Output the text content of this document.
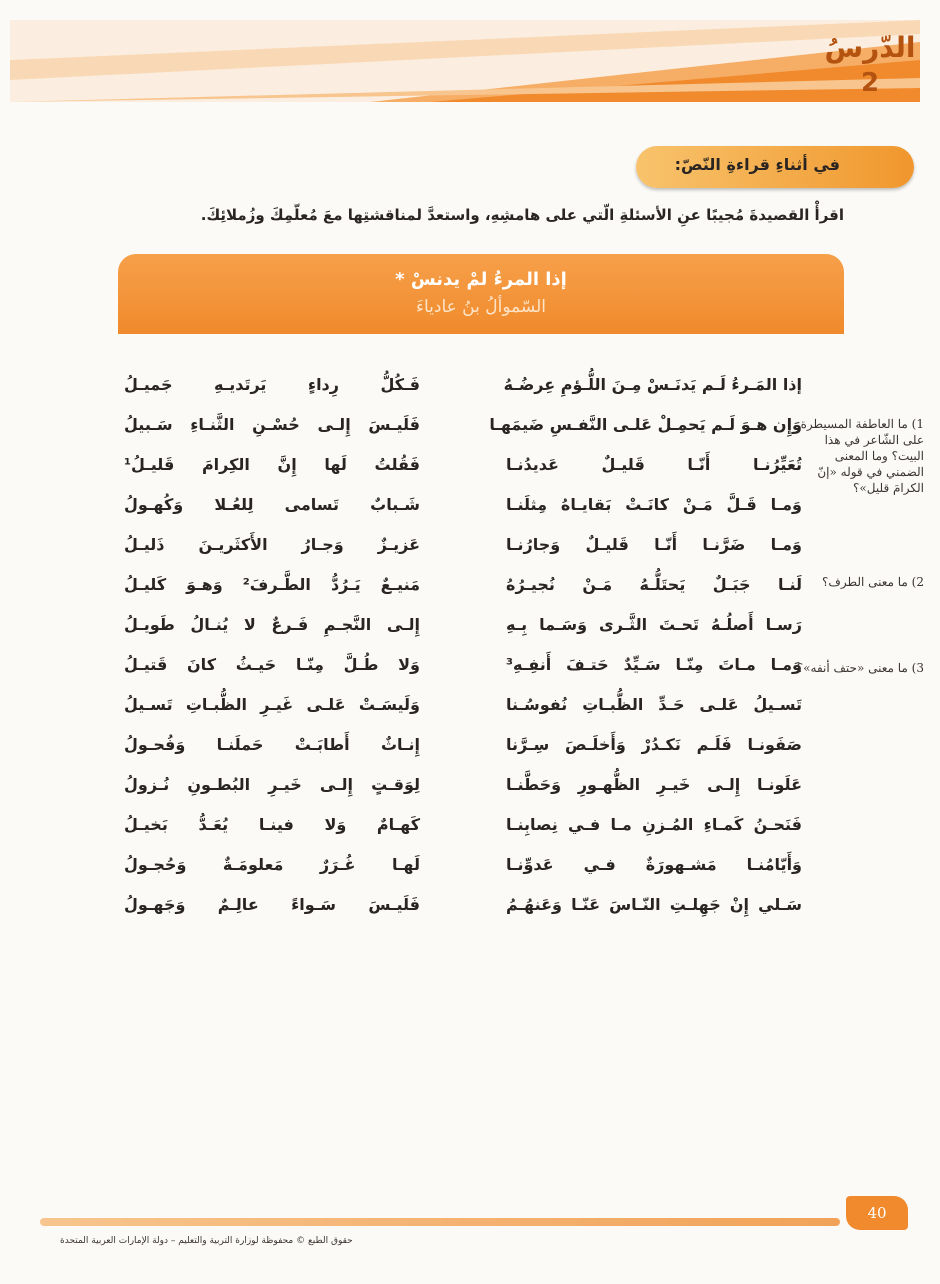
الدّرسُ
2
في أثناءِ قراءةِ النّصّ:
اقرأْ القصيدةَ مُجيبًا عنِ الأسئلةِ الّتي على هامشِهِ، واستعدَّ لمناقشتِها معَ مُعلّمِكَ وزُملائِكَ.
إذا المرءُ لمْ يدنسْ *
السّموألُ بنُ عادياءَ
إذا المَـرءُ لَـم يَدنَـسْ مِـنَ اللُّـؤمِ عِرضُـهُ
فَـكُلُّ رِداءٍ يَرتَديـهِ جَميـلُ
وَإِن هـوَ لَـم يَحمِـلْ عَلـى النَّفـسِ ضَيمَهـا
فَلَيـسَ إِلـى حُسْـنِ الثَّنـاءِ سَـبيلُ
تُعَيِّرُنـا أَنّـا قَليـلٌ عَديدُنـا
فَقُلتُ لَها إِنَّ الكِرامَ قَليـلُ¹
وَمـا قَـلَّ مَـنْ كانَـتْ بَقايـاهُ مِثلَنـا
شَـبابٌ تَسامى لِلعُـلا وَكُهـولُ
وَمـا ضَرَّنـا أَنّـا قَليـلٌ وَجارُنـا
عَزيـزٌ وَجـارُ الأَكثَريـنَ ذَليـلُ
لَنـا جَبَـلٌ يَحتَلُّـهُ مَـنْ نُجيـرُهُ
مَنيـعٌ يَـرُدُّ الطَّـرفَ² وَهـوَ كَليـلُ
رَسـا أَصلُـهُ تَحـتَ الثَّـرى وَسَـما بِـهِ
إِلـى النَّجـمِ فَـرعٌ لا يُنـالُ طَويـلُ
وَمـا مـاتَ مِنّـا سَـيِّدٌ حَتـفَ أَنفِـهِ³
وَلا طُـلَّ مِنّـا حَيـثُ كانَ قَتيـلُ
تَسـيلُ عَلـى حَـدِّ الظُّبـاتِ نُفوسُـنا
وَلَيسَـتْ عَلـى غَيـرِ الظُّبـاتِ تَسـيلُ
صَفَونـا فَلَـم نَكـدُرْ وَأَخلَـصَ سِـرَّنا
إِنـاثٌ أَطابَـتْ حَملَنـا وَفُحـولُ
عَلَونـا إِلـى خَيـرِ الظُّهـورِ وَحَطَّنـا
لِوَقـتٍ إِلـى خَيـرِ البُطـونِ نُـزولُ
فَنَحـنُ كَمـاءِ المُـزنِ مـا فـي نِصابِنـا
كَهـامٌ وَلا فينـا يُعَـدُّ بَخيـلُ
وَأَيّامُنـا مَشـهورَةٌ فـي عَدوِّنـا
لَهـا غُـرَرٌ مَعلومَـةٌ وَحُجـولُ
سَـلي إِنْ جَهِلـتِ النّـاسَ عَنّـا وَعَنهُـمُ
فَلَيـسَ سَـواءً عالِـمٌ وَجَهـولُ
1) ما العاطفة المسيطرة على الشّاعر في هذا البيت؟ وما المعنى الضمني في قوله «إنّ الكرامَ قليل»؟
2) ما معنى الطرف؟
3) ما معنى «حتف أنفه»؟
40
حقوق الطبع © محفوظة لوزارة التربية والتعليم – دولة الإمارات العربية المتحدة
